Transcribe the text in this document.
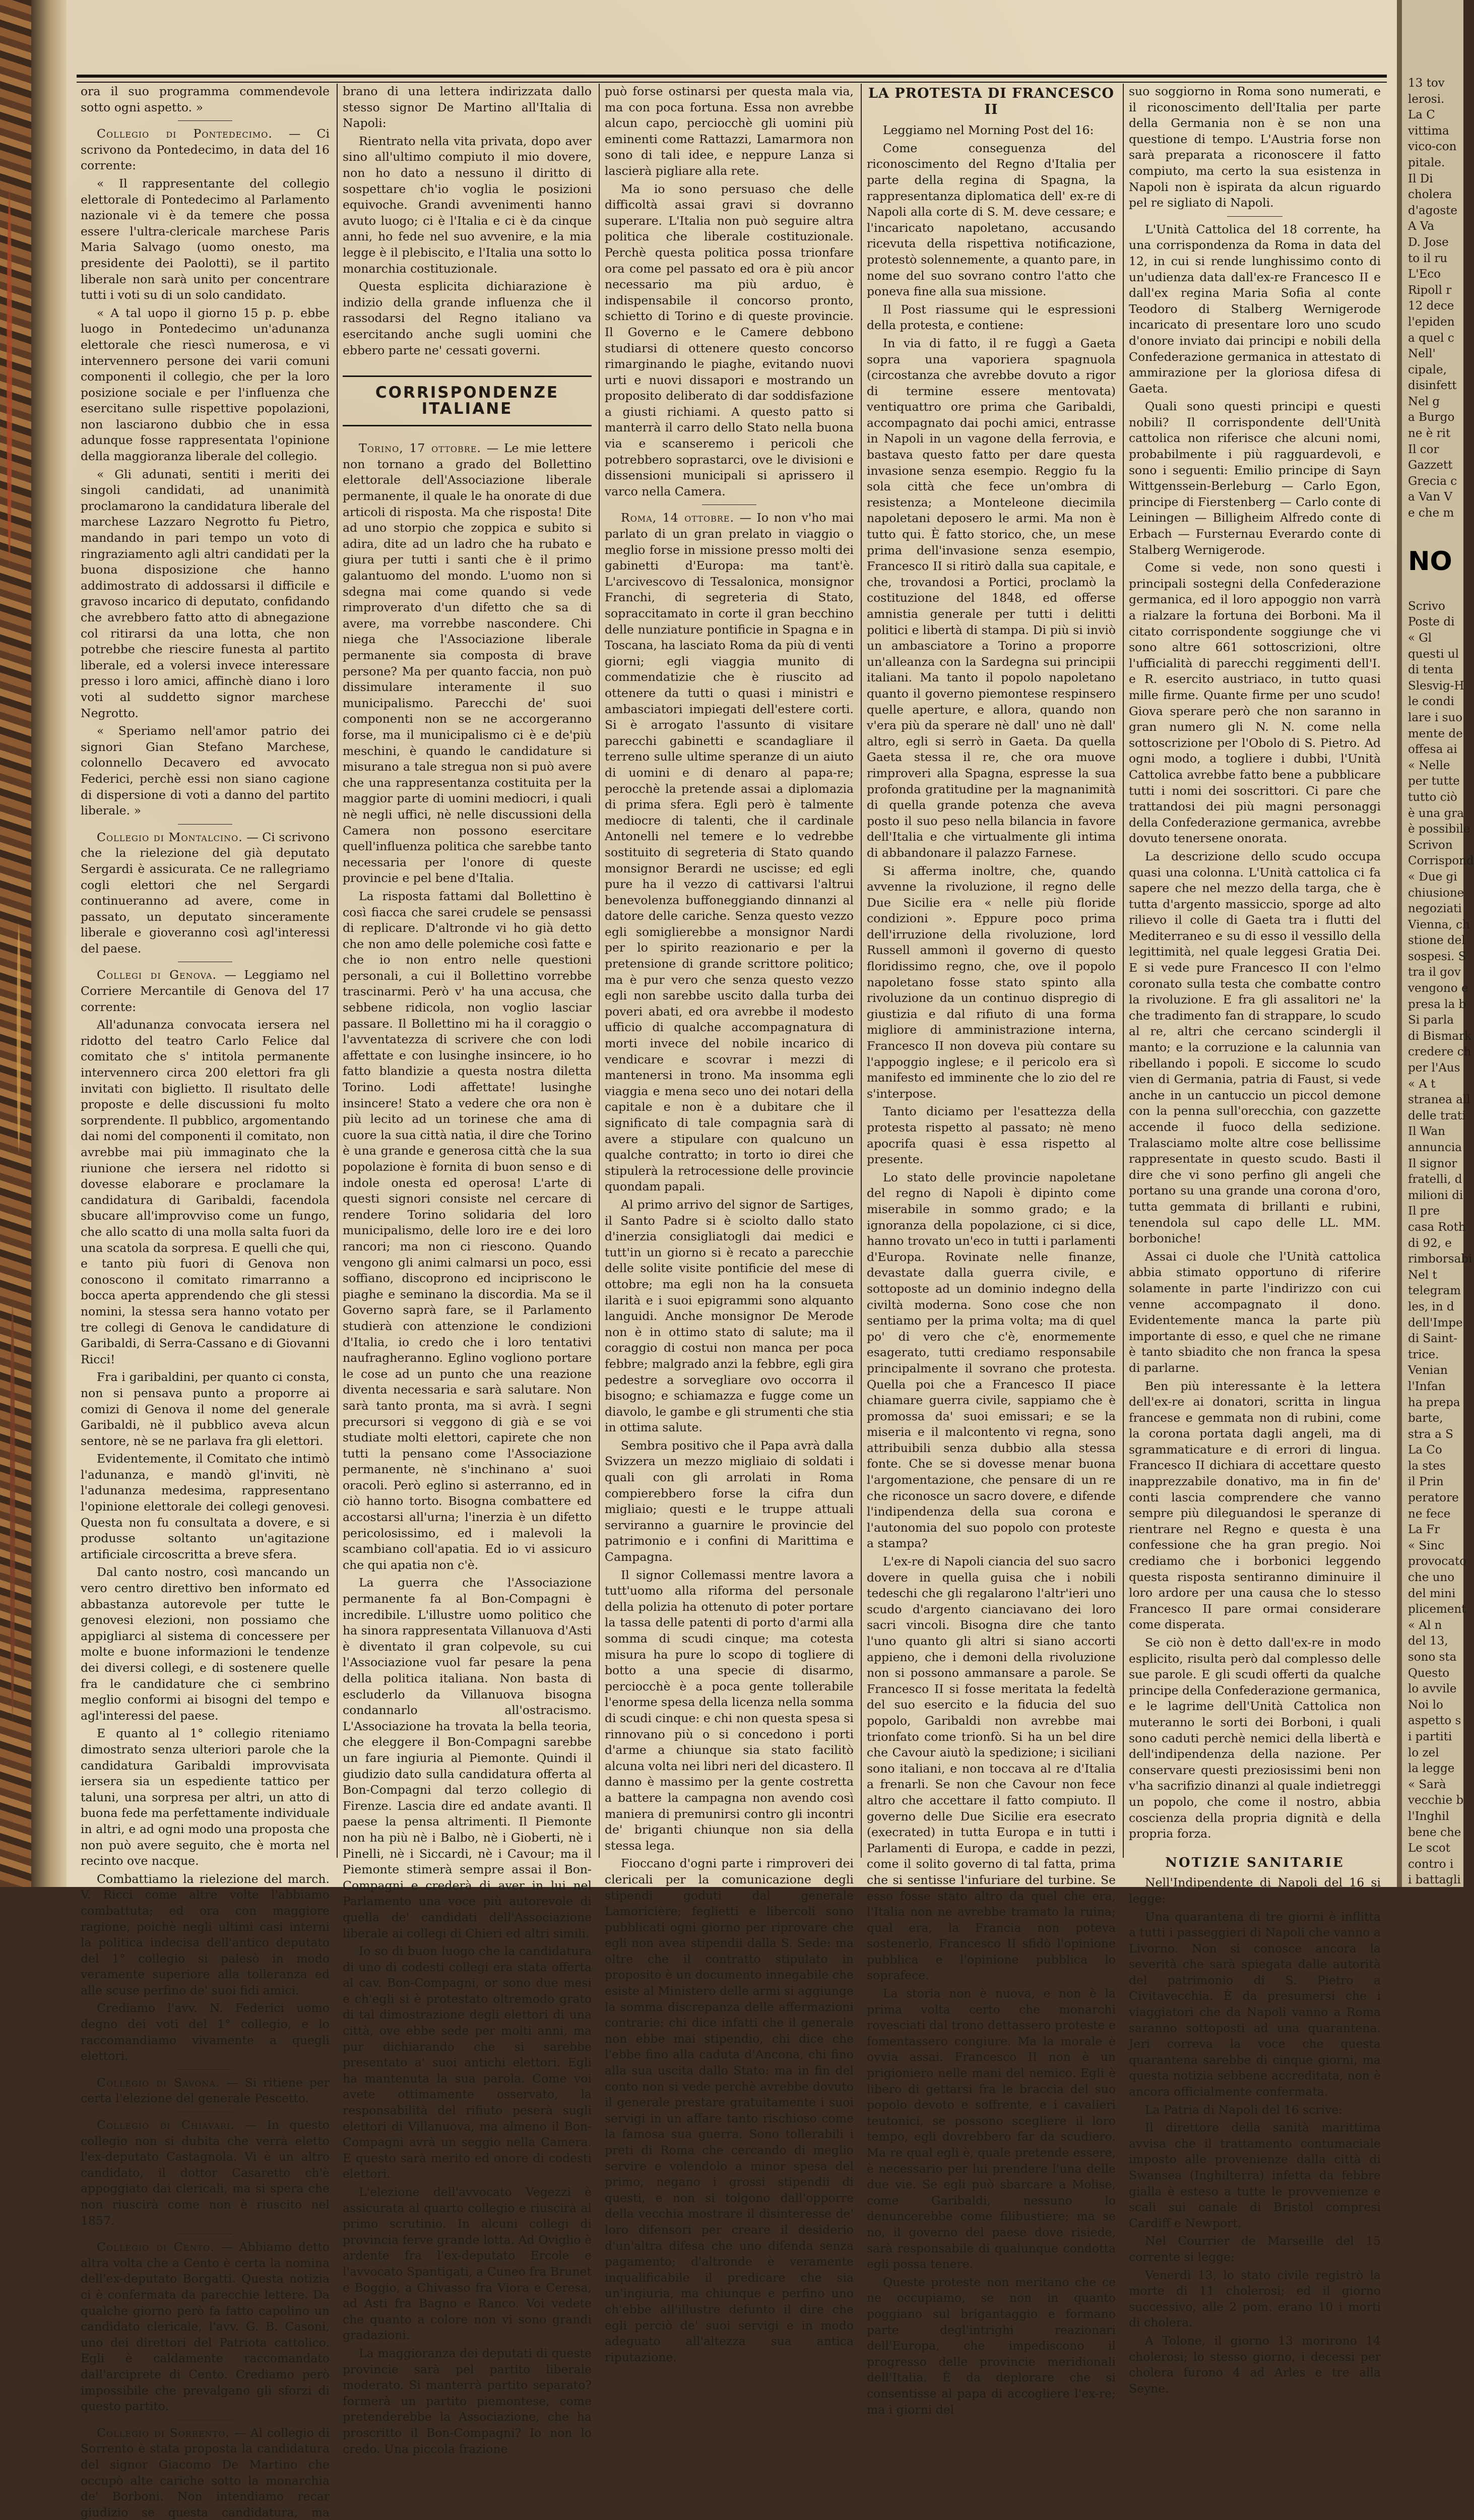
ora il suo programma commendevole sotto ogni aspetto. »

Collegio di Pontedecimo. — Ci scrivono da Pontedecimo, in data del 16 corrente:

« Il rappresentante del collegio elettorale di Pontedecimo al Parlamento nazionale vi è da temere che possa essere l'ultra-clericale marchese Paris Maria Salvago (uomo onesto, ma presidente dei Paolotti), se il partito liberale non sarà unito per concentrare tutti i voti su di un solo candidato.

« A tal uopo il giorno 15 p. p. ebbe luogo in Pontedecimo un'adunanza elettorale che riescì numerosa, e vi intervennero persone dei varii comuni componenti il collegio, che per la loro posizione sociale e per l'influenza che esercitano sulle rispettive popolazioni, non lasciarono dubbio che in essa adunque fosse rappresentata l'opinione della maggioranza liberale del collegio.

« Gli adunati, sentiti i meriti dei singoli candidati, ad unanimità proclamarono la candidatura liberale del marchese Lazzaro Negrotto fu Pietro, mandando in pari tempo un voto di ringraziamento agli altri candidati per la buona disposizione che hanno addimostrato di addossarsi il difficile e gravoso incarico di deputato, confidando che avrebbero fatto atto di abnegazione col ritirarsi da una lotta, che non potrebbe che riescire funesta al partito liberale, ed a volersi invece interessare presso i loro amici, affinchè diano i loro voti al suddetto signor marchese Negrotto.

« Speriamo nell'amor patrio dei signori Gian Stefano Marchese, colonnello Decavero ed avvocato Federici, perchè essi non siano cagione di dispersione di voti a danno del partito liberale. »

Collegio di Montalcino. — Ci scrivono che la rielezione del già deputato Sergardi è assicurata. Ce ne rallegriamo cogli elettori che nel Sergardi continueranno ad avere, come in passato, un deputato sinceramente liberale e gioveranno così agl'interessi del paese.

Collegi di Genova. — Leggiamo nel Corriere Mercantile di Genova del 17 corrente:

All'adunanza convocata iersera nel ridotto del teatro Carlo Felice dal comitato che s' intitola permanente intervennero circa 200 elettori fra gli invitati con biglietto. Il risultato delle proposte e delle discussioni fu molto sorprendente. Il pubblico, argomentando dai nomi del componenti il comitato, non avrebbe mai più immaginato che la riunione che iersera nel ridotto si dovesse elaborare e proclamare la candidatura di Garibaldi, facendola sbucare all'improvviso come un fungo, che allo scatto di una molla salta fuori da una scatola da sorpresa. E quelli che qui, e tanto più fuori di Genova non conoscono il comitato rimarranno a bocca aperta apprendendo che gli stessi nomini, la stessa sera hanno votato per tre collegi di Genova le candidature di Garibaldi, di Serra-Cassano e di Giovanni Ricci!

Fra i garibaldini, per quanto ci consta, non si pensava punto a proporre ai comizi di Genova il nome del generale Garibaldi, nè il pubblico aveva alcun sentore, nè se ne parlava fra gli elettori.

Evidentemente, il Comitato che intimò l'adunanza, e mandò gl'inviti, nè l'adunanza medesima, rappresentano l'opinione elettorale dei collegi genovesi. Questa non fu consultata a dovere, e si produsse soltanto un'agitazione artificiale circoscritta a breve sfera.

Dal canto nostro, così mancando un vero centro direttivo ben informato ed abbastanza autorevole per tutte le genovesi elezioni, non possiamo che appigliarci al sistema di concessere per molte e buone informazioni le tendenze dei diversi collegi, e di sostenere quelle fra le candidature che ci sembrino meglio conformi ai bisogni del tempo e agl'interessi del paese.

E quanto al 1° collegio riteniamo dimostrato senza ulteriori parole che la candidatura Garibaldi improvvisata iersera sia un espediente tattico per taluni, una sorpresa per altri, un atto di buona fede ma perfettamente individuale in altri, e ad ogni modo una proposta che non può avere seguito, che è morta nel recinto ove nacque.

Combattiamo la rielezione del march. V. Ricci come altre volte l'abbiamo combattuta; ed ora con maggiore ragione, poichè negli ultimi casi interni la politica indecisa dell'antico deputato del 1° collegio si palesò in modo veramente superiore alla tolleranza ed alle scuse perfino de' suoi fidi amici.

Crediamo l'avv. N. Federici uomo degno dei voti del 1° collegio, e lo raccomandiamo vivamente a quegli elettori.

Collegio di Savona. — Si ritiene per certa l'elezione del generale Pescetto.

Collegio di Chiavari. — In questo collegio non si dubita che verrà eletto l'ex-deputato Castagnola. Vi è un altro candidato, il dottor Casaretto ch'è appoggiato dai clericali, ma si spera che non riuscirà come non è riuscito nel 1857.

Collegio di Cento. — Abbiamo detto altra volta che a Cento è certa la nomina dell'ex-deputato Borgatti. Questa notizia ci è confermata da parecchie lettere. Da qualche giorno però fa fatto capolino un candidato clericale, l'avv. G. B. Casoni, uno dei direttori del Patriota cattolico. Egli è caldamente raccomandato dall'arciprete di Cento. Crediamo però impossibile che prevalgano gli sforzi di questo partito.

Collegio di Sorrento. — Al collegio di Sorrento è stata proposta la candidatura del signor Giacomo De Martino che occupò alte cariche sotto la monarchia de' Borboni. Non intendiamo recar giudizio se questa candidatura, ma

brano di una lettera indirizzata dallo stesso signor De Martino all'Italia di Napoli:

Rientrato nella vita privata, dopo aver sino all'ultimo compiuto il mio dovere, non ho dato a nessuno il diritto di sospettare ch'io voglia le posizioni equivoche. Grandi avvenimenti hanno avuto luogo; ci è l'Italia e ci è da cinque anni, ho fede nel suo avvenire, e la mia legge è il plebiscito, e l'Italia una sotto lo monarchia costituzionale.

Questa esplicita dichiarazione è indizio della grande influenza che il rassodarsi del Regno italiano va esercitando anche sugli uomini che ebbero parte ne' cessati governi.

CORRISPONDENZE ITALIANE

Torino, 17 ottobre. — Le mie lettere non tornano a grado del Bollettino elettorale dell'Associazione liberale permanente, il quale le ha onorate di due articoli di risposta. Ma che risposta! Dite ad uno storpio che zoppica e subito si adira, dite ad un ladro che ha rubato e giura per tutti i santi che è il primo galantuomo del mondo. L'uomo non si sdegna mai come quando si vede rimproverato d'un difetto che sa di avere, ma vorrebbe nascondere. Chi niega che l'Associazione liberale permanente sia composta di brave persone? Ma per quanto faccia, non può dissimulare interamente il suo municipalismo. Parecchi de' suoi componenti non se ne accorgeranno forse, ma il municipalismo ci è e de'più meschini, è quando le candidature si misurano a tale stregua non si può avere che una rappresentanza costituita per la maggior parte di uomini mediocri, i quali nè negli uffici, nè nelle discussioni della Camera non possono esercitare quell'influenza politica che sarebbe tanto necessaria per l'onore di queste provincie e pel bene d'Italia.

La risposta fattami dal Bollettino è così fiacca che sarei crudele se pensassi di replicare. D'altronde vi ho già detto che non amo delle polemiche così fatte e che io non entro nelle questioni personali, a cui il Bollettino vorrebbe trascinarmi. Però v' ha una accusa, che sebbene ridicola, non voglio lasciar passare. Il Bollettino mi ha il coraggio o l'avventatezza di scrivere che con lodi affettate e con lusinghe insincere, io ho fatto blandizie a questa nostra diletta Torino. Lodi affettate! lusinghe insincere! Stato a vedere che ora non è più lecito ad un torinese che ama di cuore la sua città natìa, il dire che Torino è una grande e generosa città che la sua popolazione è fornita di buon senso e di indole onesta ed operosa! L'arte di questi signori consiste nel cercare di rendere Torino solidaria del loro municipalismo, delle loro ire e dei loro rancori; ma non ci riescono. Quando vengono gli animi calmarsi un poco, essi soffiano, discoprono ed incipriscono le piaghe e seminano la discordia. Ma se il Governo saprà fare, se il Parlamento studierà con attenzione le condizioni d'Italia, io credo che i loro tentativi naufragheranno. Eglino vogliono portare le cose ad un punto che una reazione diventa necessaria e sarà salutare. Non sarà tanto pronta, ma si avrà. I segni precursori si veggono di già e se voi studiate molti elettori, capirete che non tutti la pensano come l'Associazione permanente, nè s'inchinano a' suoi oracoli. Però eglino si asterranno, ed in ciò hanno torto. Bisogna combattere ed accostarsi all'urna; l'inerzia è un difetto pericolosissimo, ed i malevoli la scambiano coll'apatia. Ed io vi assicuro che qui apatia non c'è.

La guerra che l'Associazione permanente fa al Bon-Compagni è incredibile. L'illustre uomo politico che ha sinora rappresentata Villanuova d'Asti è diventato il gran colpevole, su cui l'Associazione vuol far pesare la pena della politica italiana. Non basta di escluderlo da Villanuova bisogna condannarlo all'ostracismo. L'Associazione ha trovata la bella teoria, che eleggere il Bon-Compagni sarebbe un fare ingiuria al Piemonte. Quindi il giudizio dato sulla candidatura offerta al Bon-Compagni dal terzo collegio di Firenze. Lascia dire ed andate avanti. Il paese la pensa altrimenti. Il Piemonte non ha più nè i Balbo, nè i Gioberti, nè i Pinelli, nè i Siccardi, nè i Cavour; ma il Piemonte stimerà sempre assai il Bon-Compagni e crederà di aver in lui nel Parlamento una voce più autorevole di quella de' candidati dell'Associazione liberale ai collegi di Chieri ed altri simili.

Io so di buon luogo che la candidatura di uno di codesti collegi era stata offerta al cav. Bon-Compagni, or sono due mesi e ch'egli si è protestato oltremodo grato di tal dimostrazione degli elettori di una città, ove ebbe sede per molti anni, ma pur dichiarando che si sarebbe presentato a' suoi antichi elettori. Egli ha mantenuta la sua parola. Come voi avete ottimamente osservato, la responsabilità del rifiuto peserà sugli elettori di Villanuova, ma almeno il Bon-Compagni avrà un seggio nella Camera. E questo sarà merito ed onore di codesti elettori.

L'elezione dell'avvocato Vegezzi è assicurata al quarto collegio e riuscirà al primo scrutinio. In alcuni collegi di provincia ferve grande lotta. Ad Oviglio è ardente fra l'ex-deputato Ercole e l'avvocato Spantigati, a Cuneo fra Brunet e Boggio, a Chivasso fra Viora e Ceresa, ad Asti fra Bagno e Ranco. Voi vedete che quanto a colore non vi sono grandi gradazioni.

La maggioranza dei deputati di queste provincie sarà pel partito liberale moderato. Si manterrà partito separato? formerà un partito piemontese, come pretenderebbe la Associazione, che ha proscritto il Bon-Compagni? Io non lo credo. Una piccola frazione

può forse ostinarsi per questa mala via, ma con poca fortuna. Essa non avrebbe alcun capo, perciocchè gli uomini più eminenti come Rattazzi, Lamarmora non sono di tali idee, e neppure Lanza si lascierà pigliare alla rete.

Ma io sono persuaso che delle difficoltà assai gravi si dovranno superare. L'Italia non può seguire altra politica che liberale costituzionale. Perchè questa politica possa trionfare ora come pel passato ed ora è più ancor necessario ma più arduo, è indispensabile il concorso pronto, schietto di Torino e di queste provincie. Il Governo e le Camere debbono studiarsi di ottenere questo concorso rimarginando le piaghe, evitando nuovi urti e nuovi dissapori e mostrando un proposito deliberato di dar soddisfazione a giusti richiami. A questo patto si manterrà il carro dello Stato nella buona via e scanseremo i pericoli che potrebbero soprastarci, ove le divisioni e dissensioni municipali si aprissero il varco nella Camera.

Roma, 14 ottobre. — Io non v'ho mai parlato di un gran prelato in viaggio o meglio forse in missione presso molti dei gabinetti d'Europa: ma tant'è. L'arcivescovo di Tessalonica, monsignor Franchi, di segreteria di Stato, sopraccitamato in corte il gran becchino delle nunziature pontificie in Spagna e in Toscana, ha lasciato Roma da più di venti giorni; egli viaggia munito di commendatizie che è riuscito ad ottenere da tutti o quasi i ministri e ambasciatori impiegati dell'estere corti. Si è arrogato l'assunto di visitare parecchi gabinetti e scandagliare il terreno sulle ultime speranze di un aiuto di uomini e di denaro al papa-re; perocchè la pretende assai a diplomazia di prima sfera. Egli però è talmente mediocre di talenti, che il cardinale Antonelli nel temere e lo vedrebbe sostituito di segreteria di Stato quando monsignor Berardi ne uscisse; ed egli pure ha il vezzo di cattivarsi l'altrui benevolenza buffoneggiando dinnanzi al datore delle cariche. Senza questo vezzo egli somiglierebbe a monsignor Nardi per lo spirito reazionario e per la pretensione di grande scrittore politico; ma è pur vero che senza questo vezzo egli non sarebbe uscito dalla turba dei poveri abati, ed ora avrebbe il modesto ufficio di qualche accompagnatura di morti invece del nobile incarico di vendicare e scovrar i mezzi di mantenersi in trono. Ma insomma egli viaggia e mena seco uno dei notari della capitale e non è a dubitare che il significato di tale compagnia sarà di avere a stipulare con qualcuno un qualche contratto; in torto io direi che stipulerà la retrocessione delle provincie quondam papali.

Al primo arrivo del signor de Sartiges, il Santo Padre si è sciolto dallo stato d'inerzia consigliatogli dai medici e tutt'in un giorno si è recato a parecchie delle solite visite pontificie del mese di ottobre; ma egli non ha la consueta ilarità e i suoi epigrammi sono alquanto languidi. Anche monsignor De Merode non è in ottimo stato di salute; ma il coraggio di costui non manca per poca febbre; malgrado anzi la febbre, egli gira pedestre a sorvegliare ovo occorra il bisogno; e schiamazza e fugge come un diavolo, le gambe e gli strumenti che stia in ottima salute.

Sembra positivo che il Papa avrà dalla Svizzera un mezzo migliaio di soldati i quali con gli arrolati in Roma compierebbero forse la cifra dun migliaio; questi e le truppe attuali serviranno a guarnire le provincie del patrimonio e i confini di Marittima e Campagna.

Il signor Collemassi mentre lavora a tutt'uomo alla riforma del personale della polizia ha ottenuto di poter portare la tassa delle patenti di porto d'armi alla somma di scudi cinque; ma cotesta misura ha pure lo scopo di togliere di botto a una specie di disarmo, perciocchè è a poca gente tollerabile l'enorme spesa della licenza nella somma di scudi cinque: e chi non questa spesa si rinnovano più o si concedono i porti d'arme a chiunque sia stato facilitò alcuna volta nei libri neri del dicastero. Il danno è massimo per la gente costretta a battere la campagna non avendo così maniera di premunirsi contro gli incontri de' briganti chiunque non sia della stessa lega.

Fioccano d'ogni parte i rimproveri dei clericali per la comunicazione degli stipendi goduti dal generale Lamoricière; feglietti e libercoli sono pubblicati ogni giorno per riprovare che egli non avea stipendii dalla S. Sede: ma oltre che il contratto stipulato in proposito è un documento innegabile che esiste al Ministero delle armi si aggiunge la somma discrepanza delle affermazioni contrarie: chi dice infatti che il generale non ebbe mai stipendio, chi dice che l'ebbe fino alla caduta d'Ancona, chi fino alla sua uscita dallo Stato: ma in fin del conto non si vede perchè avrebbe dovuto il generale prestare gratuitamente i suoi servigi in un affare tanto rischioso come la famosa sua guerra. Sono tollerabili i preti di Roma che cercando di meglio servire e volendolo a minor spesa del primo, negano i grossi stipendii di questi, e non si tolgono dall'opporre della vecchia mostrare il disinteresse de' loro difensori per creare il desiderio d'un'altra difesa che uno difenda senza pagamento; d'altronde è veramente inqualificabile il predicare che sia un'ingiuria, ma chiunque e perfino uno ch'ebbe all'illustre defunto il dire che egli perciò de' suoi servigi e in modo adeguato all'altezza sua antica riputazione.

LA PROTESTA DI FRANCESCO II

Leggiamo nel Morning Post del 16:

Come conseguenza del riconoscimento del Regno d'Italia per parte della regina di Spagna, la rappresentanza diplomatica dell' ex-re di Napoli alla corte di S. M. deve cessare; e l'incaricato napoletano, accusando ricevuta della rispettiva notificazione, protestò solennemente, a quanto pare, in nome del suo sovrano contro l'atto che poneva fine alla sua missione.

Il Post riassume qui le espressioni della protesta, e contiene:

In via di fatto, il re fuggì a Gaeta sopra una vaporiera spagnuola (circostanza che avrebbe dovuto a rigor di termine essere mentovata) ventiquattro ore prima che Garibaldi, accompagnato dai pochi amici, entrasse in Napoli in un vagone della ferrovia, e bastava questo fatto per dare questa invasione senza esempio. Reggio fu la sola città che fece un'ombra di resistenza; a Monteleone diecimila napoletani deposero le armi. Ma non è tutto qui. È fatto storico, che, un mese prima dell'invasione senza esempio, Francesco II si ritirò dalla sua capitale, e che, trovandosi a Portici, proclamò la costituzione del 1848, ed offerse amnistia generale per tutti i delitti politici e libertà di stampa. Di più si inviò un ambasciatore a Torino a proporre un'alleanza con la Sardegna sui principii italiani. Ma tanto il popolo napoletano quanto il governo piemontese respinsero quelle aperture, e allora, quando non v'era più da sperare nè dall' uno nè dall' altro, egli si serrò in Gaeta. Da quella Gaeta stessa il re, che ora muove rimproveri alla Spagna, espresse la sua profonda gratitudine per la magnanimità di quella grande potenza che aveva posto il suo peso nella bilancia in favore dell'Italia e che virtualmente gli intima di abbandonare il palazzo Farnese.

Si afferma inoltre, che, quando avvenne la rivoluzione, il regno delle Due Sicilie era « nelle più floride condizioni ». Eppure poco prima dell'irruzione della rivoluzione, lord Russell ammonì il governo di questo floridissimo regno, che, ove il popolo napoletano fosse stato spinto alla rivoluzione da un continuo dispregio di giustizia e dal rifiuto di una forma migliore di amministrazione interna, Francesco II non doveva più contare su l'appoggio inglese; e il pericolo era sì manifesto ed imminente che lo zio del re s'interpose.

Tanto diciamo per l'esattezza della protesta rispetto al passato; nè meno apocrifa quasi è essa rispetto al presente.

Lo stato delle provincie napoletane del regno di Napoli è dipinto come miserabile in sommo grado; e la ignoranza della popolazione, ci si dice, hanno trovato un'eco in tutti i parlamenti d'Europa. Rovinate nelle finanze, devastate dalla guerra civile, e sottoposte ad un dominio indegno della civiltà moderna. Sono cose che non sentiamo per la prima volta; ma di quel po' di vero che c'è, enormemente esagerato, tutti crediamo responsabile principalmente il sovrano che protesta. Quella poi che a Francesco II piace chiamare guerra civile, sappiamo che è promossa da' suoi emissari; e se la miseria e il malcontento vi regna, sono attribuibili senza dubbio alla stessa fonte. Che se si dovesse menar buona l'argomentazione, che pensare di un re che riconosce un sacro dovere, e difende l'indipendenza della sua corona e l'autonomia del suo popolo con proteste a stampa?

L'ex-re di Napoli ciancia del suo sacro dovere in quella guisa che i nobili tedeschi che gli regalarono l'altr'ieri uno scudo d'argento cianciavano dei loro sacri vincoli. Bisogna dire che tanto l'uno quanto gli altri si siano accorti appieno, che i demoni della rivoluzione non si possono ammansare a parole. Se Francesco II si fosse meritata la fedeltà del suo esercito e la fiducia del suo popolo, Garibaldi non avrebbe mai trionfato come trionfò. Si ha un bel dire che Cavour aiutò la spedizione; i siciliani sono italiani, e non toccava al re d'Italia a frenarli. Se non che Cavour non fece altro che accettare il fatto compiuto. Il governo delle Due Sicilie era esecrato (execrated) in tutta Europa e in tutti i Parlamenti di Europa, e cadde in pezzi, come il solito governo di tal fatta, prima che si sentisse l'infuriare del turbine. Se esso fosse stato altro da quel che era, l'Italia non ne avrebbe tramato la ruina; qual era, la Francia non poteva sostenerlo, Francesco II sfidò l'opinione pubblica e l'opinione pubblica lo soprafece.

La storia non è nuova, e non è la prima volta certo che monarchi rovesciati dal trono dettassero proteste e fomentassero congiure. Ma la morale è ovvia assai. Francesco II non è un prigioniero nelle mani del nemico. Egli è libero di gettarsi fra le braccia del suo popolo devoto e soffrente, e i cavalieri teutonici, se possono scegliere il loro tempo, egli dovrebbero far da scudiero. Ma re qual egli è, quale pretende essere, è necessario per lui prendere l'una delle due vie. Se egli può sbarcare a Molise, come Garibaldi, nessuno lo denuncerebbe come filibustiere; ma se no, il governo del paese dove risiede, sarà responsabile di qualunque condotta egli possa tenere.

Queste proteste non meritano che ce ne occupiamo, se non in quanto poggiano sul brigantaggio e formano parte degl'intrighi reazionari dell'Europa, che impediscono il progresso delle provincie meridionali dell'Italia. È da deplorare che si consentisse al papa di accogliere l'ex-re; ma i giorni del

suo soggiorno in Roma sono numerati, e il riconoscimento dell'Italia per parte della Germania non è se non una questione di tempo. L'Austria forse non sarà preparata a riconoscere il fatto compiuto, ma certo la sua esistenza in Napoli non è ispirata da alcun riguardo pel re sigliato di Napoli.

L'Unità Cattolica del 18 corrente, ha una corrispondenza da Roma in data del 12, in cui si rende lunghissimo conto di un'udienza data dall'ex-re Francesco II e dall'ex regina Maria Sofia al conte Teodoro di Stalberg Wernigerode incaricato di presentare loro uno scudo d'onore inviato dai principi e nobili della Confederazione germanica in attestato di ammirazione per la gloriosa difesa di Gaeta.

Quali sono questi principi e questi nobili? Il corrispondente dell'Unità cattolica non riferisce che alcuni nomi, probabilmente i più ragguardevoli, e sono i seguenti: Emilio principe di Sayn Wittgenssein-Berleburg — Carlo Egon, principe di Fierstenberg — Carlo conte di Leiningen — Billigheim Alfredo conte di Erbach — Fursternau Everardo conte di Stalberg Wernigerode.

Come si vede, non sono questi i principali sostegni della Confederazione germanica, ed il loro appoggio non varrà a rialzare la fortuna dei Borboni. Ma il citato corrispondente soggiunge che vi sono altre 661 sottoscrizioni, oltre l'ufficialità di parecchi reggimenti dell'I. e R. esercito austriaco, in tutto quasi mille firme. Quante firme per uno scudo! Giova sperare però che non saranno in gran numero gli N. N. come nella sottoscrizione per l'Obolo di S. Pietro. Ad ogni modo, a togliere i dubbi, l'Unità Cattolica avrebbe fatto bene a pubblicare tutti i nomi dei soscrittori. Ci pare che trattandosi dei più magni personaggi della Confederazione germanica, avrebbe dovuto tenersene onorata.

La descrizione dello scudo occupa quasi una colonna. L'Unità cattolica ci fa sapere che nel mezzo della targa, che è tutta d'argento massiccio, sporge ad alto rilievo il colle di Gaeta tra i flutti del Mediterraneo e su di esso il vessillo della legittimità, nel quale leggesi Gratia Dei. E si vede pure Francesco II con l'elmo coronato sulla testa che combatte contro la rivoluzione. E fra gli assalitori ne' la che tradimento fan di strappare, lo scudo al re, altri che cercano scindergli il manto; e la corruzione e la calunnia van ribellando i popoli. E siccome lo scudo vien di Germania, patria di Faust, si vede anche in un cantuccio un piccol demone con la penna sull'orecchia, con gazzette accende il fuoco della sedizione. Tralasciamo molte altre cose bellissime rappresentate in questo scudo. Basti il dire che vi sono perfino gli angeli che portano su una grande una corona d'oro, tutta gemmata di brillanti e rubini, tenendola sul capo delle LL. MM. borboniche!

Assai ci duole che l'Unità cattolica abbia stimato opportuno di riferire solamente in parte l'indirizzo con cui venne accompagnato il dono. Evidentemente manca la parte più importante di esso, e quel che ne rimane è tanto sbiadito che non franca la spesa di parlarne.

Ben più interessante è la lettera dell'ex-re ai donatori, scritta in lingua francese e gemmata non di rubini, come la corona portata dagli angeli, ma di sgrammaticature e di errori di lingua. Francesco II dichiara di accettare questo inapprezzabile donativo, ma in fin de' conti lascia comprendere che vanno sempre più dileguandosi le speranze di rientrare nel Regno e questa è una confessione che ha gran pregio. Noi crediamo che i borbonici leggendo questa risposta sentiranno diminuire il loro ardore per una causa che lo stesso Francesco II pare ormai considerare come disperata.

Se ciò non è detto dall'ex-re in modo esplicito, risulta però dal complesso delle sue parole. E gli scudi offerti da qualche principe della Confederazione germanica, e le lagrime dell'Unità Cattolica non muteranno le sorti dei Borboni, i quali sono caduti perchè nemici della libertà e dell'indipendenza della nazione. Per conservare questi preziosissimi beni non v'ha sacrifizio dinanzi al quale indietreggi un popolo, che come il nostro, abbia coscienza della propria dignità e della propria forza.

NOTIZIE SANITARIE

Nell'Indipendente di Napoli del 16 si legge:

Una quarantena di tre giorni è inflitta a tutti i passeggieri di Napoli che vanno a Livorno. Non si conosce ancora la severità che sarà spiegata dalle autorità del patrimonio di S. Pietro a Civitavecchia. È da presumersi che i viaggiatori che da Napoli vanno a Roma saranno sottoposti ad una quarantena. Jeri correva la voce che questa quarantena sarebbe di cinque giorni, ma questa notizia sebbene accreditata, non è ancora officialmente confermata.

La Patria di Napoli del 16 scrive:

Il direttore della sanità marittima avvisa che il trattamento contumaciale imposto alle provenienze dalla città di Swansea (Inghilterra) infetta da febbre gialla è esteso a tutte le provvenienze e scali sui canale di Bristol compresi Cardiff e Newport.

Nel Courrier de Marseille del 15 corrente si legge:

Venerdì 13, lo stato civile registrò la morte di 11 cholerosi; ed il giorno successivo, alle 2 pom. erano 10 i morti di cholera.

A Tolone, il giorno 13 morirono 14 cholerosi; lo stesso giorno, i decessi per cholera furono 4 ad Arles e tre alla Seyne.

13 tov
lerosi.
La C
vittima
vico-con
pitale.
Il Di
cholera
d'agoste
A Va
D. Jose
to il ru
L'Eco
Ripoll r
12 dece
l'epiden
a quel c
Nell'
cipale,
disinfett
Nel g
a Burgo
ne è rit
Il cor
Gazzett
Grecia c
a Van V
e che m

NO

Scrivo
Poste di
« Gl
questi ul
di tenta
Slesvig-H
le condi
lare i suo
mente de
offesa ai
« Nelle
per tutte
tutto ciò
è una gra
è possibile
Scrivon
Corrispond
« Due gi
chiusione
negoziati
Vienna, ch
stione del
sospesi. S
tra il gov
vengono e
presa la b
Si parla
di Bismark
credere ch
per l'Aus
« A t
stranea all
delle trati
Il Wan
annuncia
Il signor
fratelli, d
milioni di
Il pre
casa Roth
di 92, e
rimborsabi
Nel t
telegram
les, in d
dell'Impe
di Saint-
trice.
Venian
l'Infan
ha prepa
barte,
stra a S
La Co
la stes
il Prin
peratore
ne fece
La Fr
« Sinc
provocato
che uno
del mini
plicement
« Al n
del 13,
sono sta
Questo
lo avvile
Noi lo
aspetto s
i partiti
lo zel
la legge
« Sarà
vecchie b
l'Inghil
bene che
Le scot
contro i
i battagli
